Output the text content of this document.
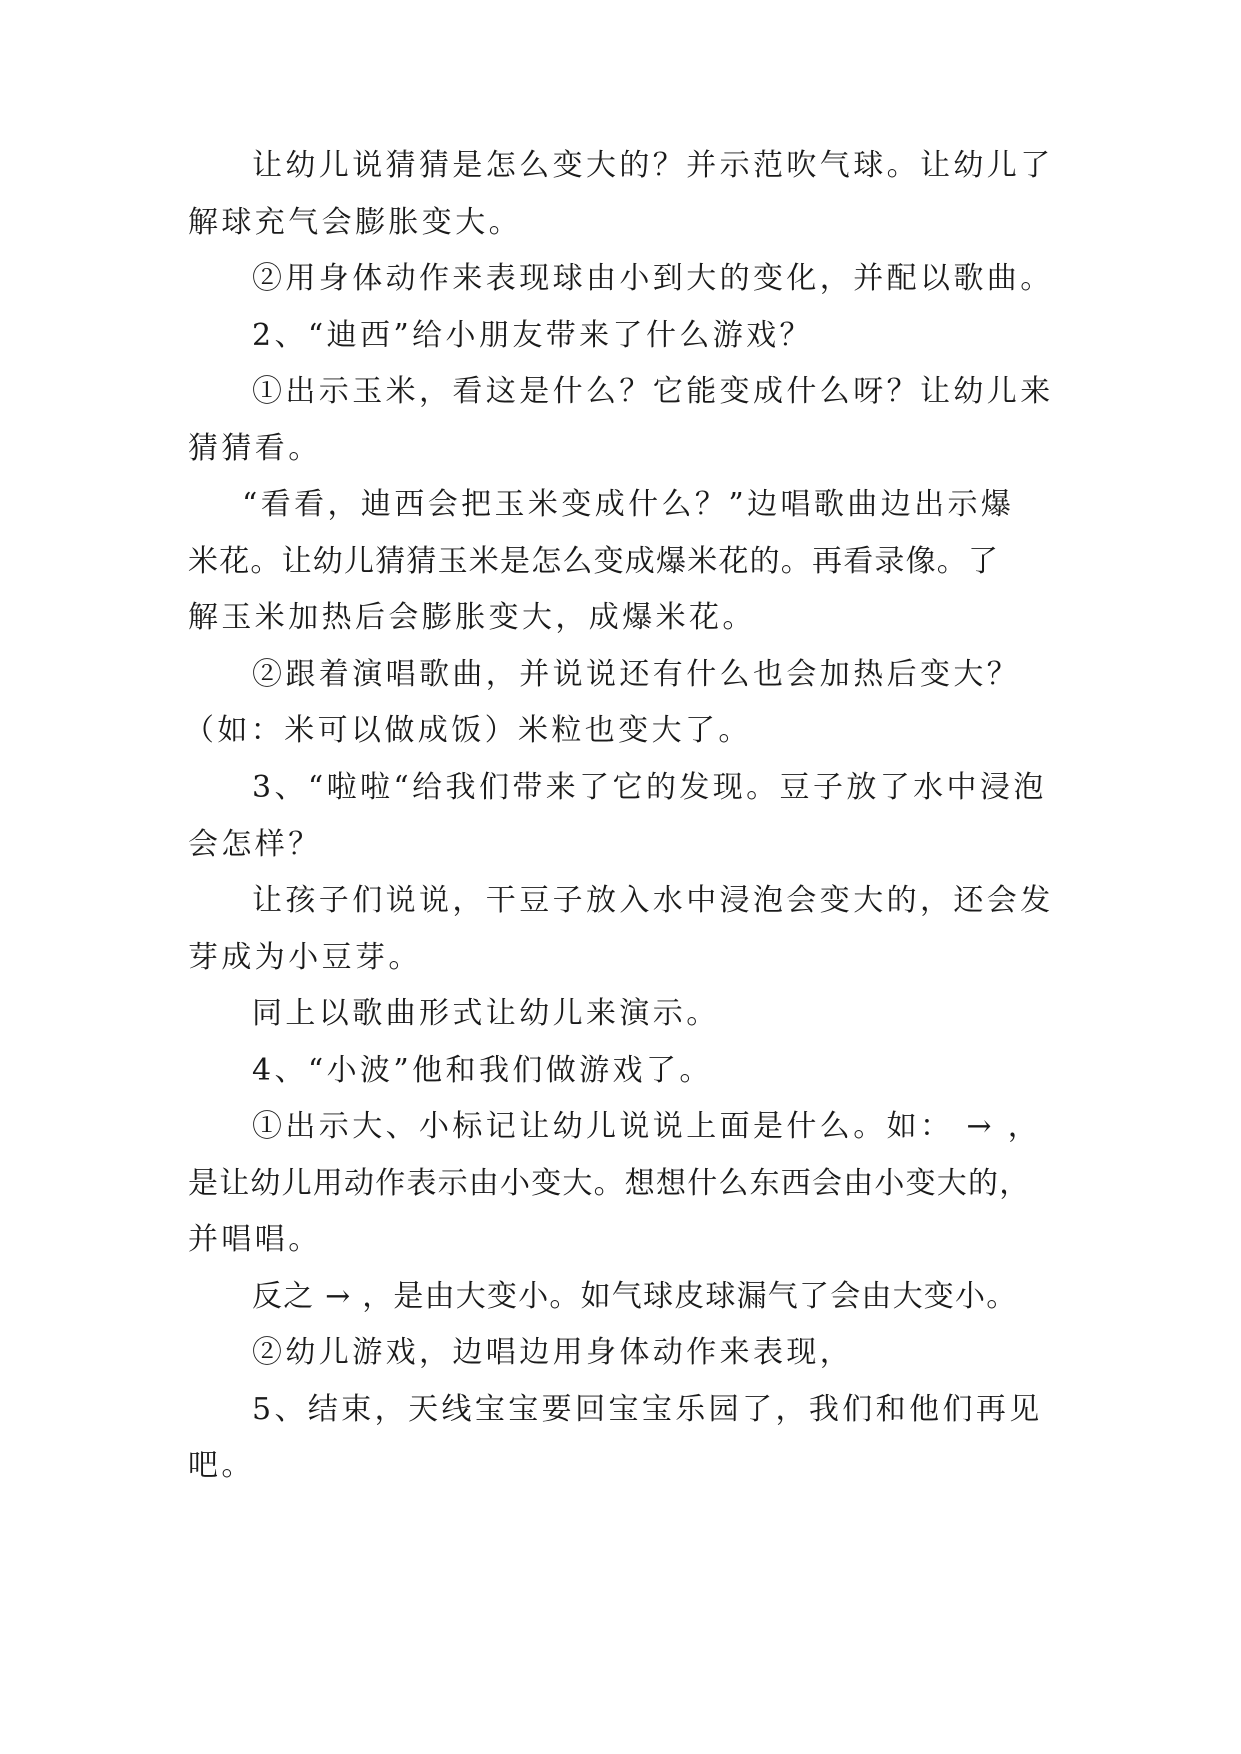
让幼儿说猜猜是怎么变大的？并示范吹气球。让幼儿了
解球充气会膨胀变大。
②用身体动作来表现球由小到大的变化，并配以歌曲。
2、“迪西”给小朋友带来了什么游戏？
①出示玉米，看这是什么？它能变成什么呀？让幼儿来
猜猜看。
“看看，迪西会把玉米变成什么？”边唱歌曲边出示爆
米花。让幼儿猜猜玉米是怎么变成爆米花的。再看录像。了
解玉米加热后会膨胀变大，成爆米花。
②跟着演唱歌曲，并说说还有什么也会加热后变大？
（如：米可以做成饭）米粒也变大了。
3、“啦啦“给我们带来了它的发现。豆子放了水中浸泡
会怎样？
让孩子们说说，干豆子放入水中浸泡会变大的，还会发
芽成为小豆芽。
同上以歌曲形式让幼儿来演示。
4、“小波”他和我们做游戏了。
①出示大、小标记让幼儿说说上面是什么。如： → ，
是让幼儿用动作表示由小变大。想想什么东西会由小变大的，
并唱唱。
反之 → ，是由大变小。如气球皮球漏气了会由大变小。
②幼儿游戏，边唱边用身体动作来表现，
5、结束，天线宝宝要回宝宝乐园了，我们和他们再见
吧。
